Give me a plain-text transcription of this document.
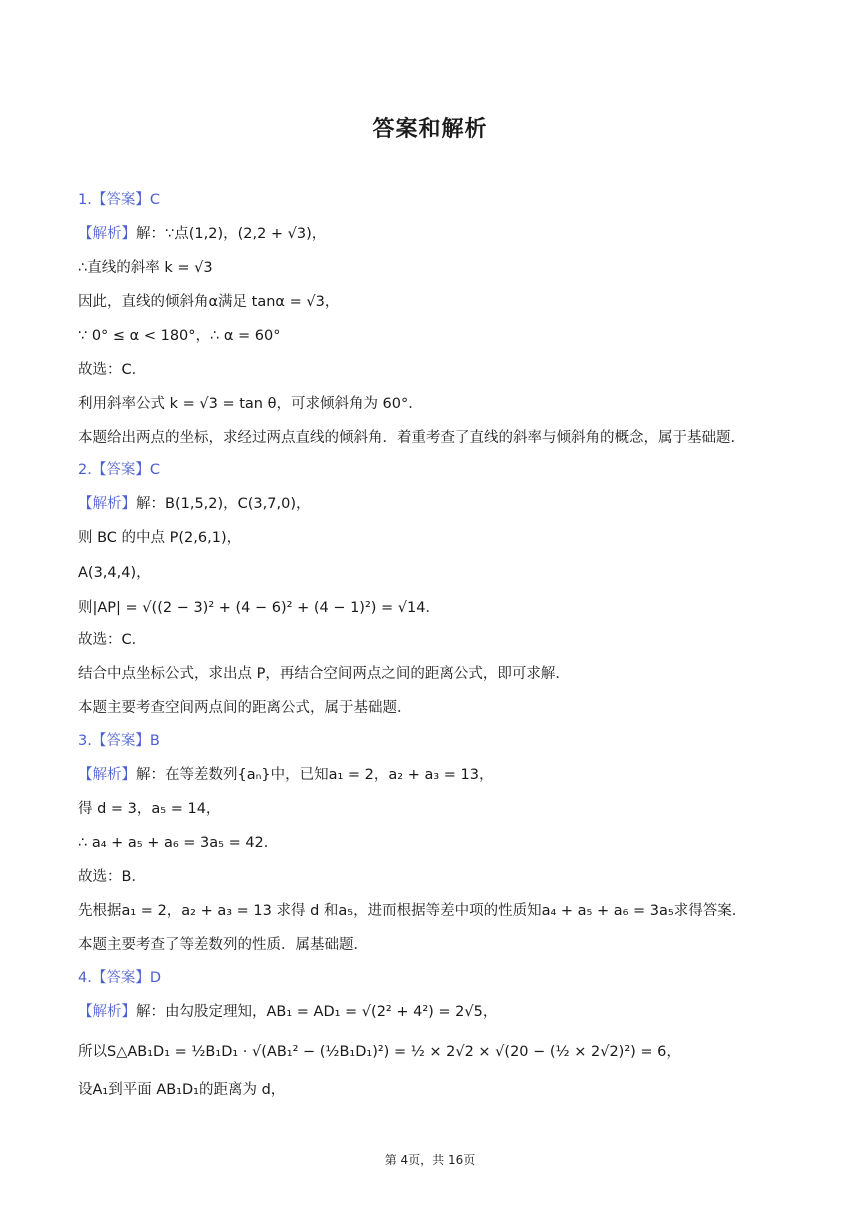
答案和解析
1.【答案】C
【解析】解：∵点(1,2)，(2,2 + √3)，
∴直线的斜率 k = √3
因此，直线的倾斜角α满足 tanα = √3，
∵ 0° ≤ α < 180°，∴ α = 60°
故选：C．
利用斜率公式 k = √3 = tan θ，可求倾斜角为 60°．
本题给出两点的坐标，求经过两点直线的倾斜角．着重考查了直线的斜率与倾斜角的概念，属于基础题．
2.【答案】C
【解析】解：B(1,5,2)，C(3,7,0)，
则 BC 的中点 P(2,6,1)，
A(3,4,4)，
则|AP| = √((2 − 3)² + (4 − 6)² + (4 − 1)²) = √14．
故选：C．
结合中点坐标公式，求出点 P，再结合空间两点之间的距离公式，即可求解．
本题主要考查空间两点间的距离公式，属于基础题．
3.【答案】B
【解析】解：在等差数列{aₙ}中，已知a₁ = 2，a₂ + a₃ = 13，
得 d = 3，a₅ = 14，
∴ a₄ + a₅ + a₆ = 3a₅ = 42．
故选：B．
先根据a₁ = 2，a₂ + a₃ = 13 求得 d 和a₅，进而根据等差中项的性质知a₄ + a₅ + a₆ = 3a₅求得答案．
本题主要考查了等差数列的性质．属基础题．
4.【答案】D
【解析】解：由勾股定理知，AB₁ = AD₁ = √(2² + 4²) = 2√5，
所以S△AB₁D₁ = ½B₁D₁ · √(AB₁² − (½B₁D₁)²) = ½ × 2√2 × √(20 − (½ × 2√2)²) = 6，
设A₁到平面 AB₁D₁的距离为 d，
第 4页，共 16页
